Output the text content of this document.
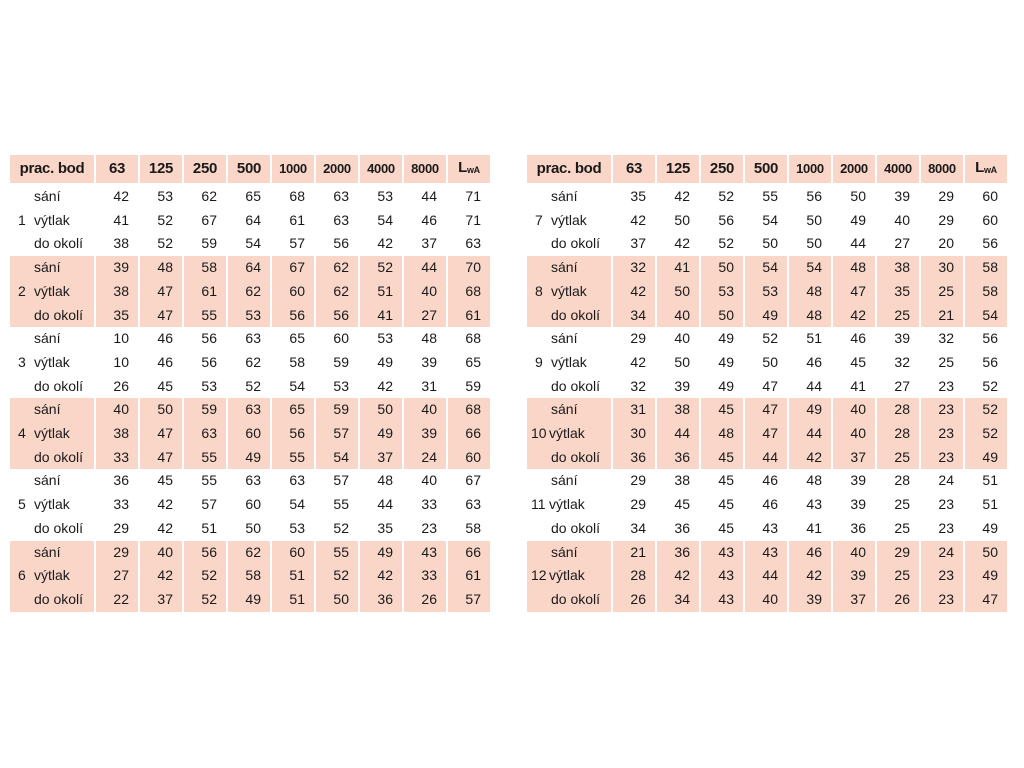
prac. bod	63	125	250	500	1000	2000	4000	8000	LwA
sání	42	53	62	65	68	63	53	44	71
1 výtlak	41	52	67	64	61	63	54	46	71
do okolí	38	52	59	54	57	56	42	37	63
sání	39	48	58	64	67	62	52	44	70
2 výtlak	38	47	61	62	60	62	51	40	68
do okolí	35	47	55	53	56	56	41	27	61
sání	10	46	56	63	65	60	53	48	68
3 výtlak	10	46	56	62	58	59	49	39	65
do okolí	26	45	53	52	54	53	42	31	59
sání	40	50	59	63	65	59	50	40	68
4 výtlak	38	47	63	60	56	57	49	39	66
do okolí	33	47	55	49	55	54	37	24	60
sání	36	45	55	63	63	57	48	40	67
5 výtlak	33	42	57	60	54	55	44	33	63
do okolí	29	42	51	50	53	52	35	23	58
sání	29	40	56	62	60	55	49	43	66
6 výtlak	27	42	52	58	51	52	42	33	61
do okolí	22	37	52	49	51	50	36	26	57
prac. bod	63	125	250	500	1000	2000	4000	8000	LwA
sání	35	42	52	55	56	50	39	29	60
7 výtlak	42	50	56	54	50	49	40	29	60
do okolí	37	42	52	50	50	44	27	20	56
sání	32	41	50	54	54	48	38	30	58
8 výtlak	42	50	53	53	48	47	35	25	58
do okolí	34	40	50	49	48	42	25	21	54
sání	29	40	49	52	51	46	39	32	56
9 výtlak	42	50	49	50	46	45	32	25	56
do okolí	32	39	49	47	44	41	27	23	52
sání	31	38	45	47	49	40	28	23	52
10 výtlak	30	44	48	47	44	40	28	23	52
do okolí	36	36	45	44	42	37	25	23	49
sání	29	38	45	46	48	39	28	24	51
11 výtlak	29	45	45	46	43	39	25	23	51
do okolí	34	36	45	43	41	36	25	23	49
sání	21	36	43	43	46	40	29	24	50
12 výtlak	28	42	43	44	42	39	25	23	49
do okolí	26	34	43	40	39	37	26	23	47
